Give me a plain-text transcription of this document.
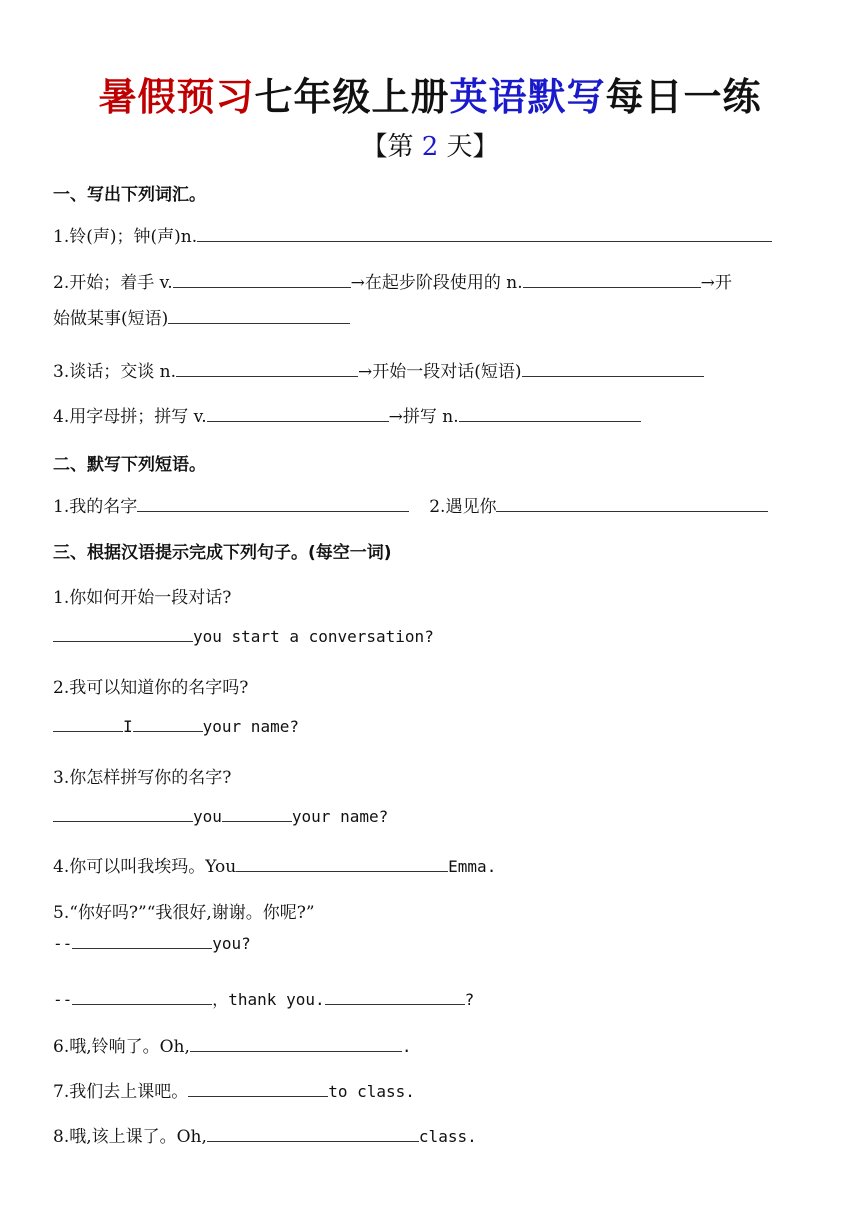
暑假预习七年级上册英语默写每日一练
【第 2 天】
一、写出下列词汇。
1.铃(声)；钟(声)n.
2.开始；着手 v.	→在起步阶段使用的 n.	→开
始做某事(短语)
3.谈话；交谈 n.	→开始一段对话(短语)
4.用字母拼；拼写 v.	→拼写 n.
二、默写下列短语。
1.我的名字	2.遇见你
三、根据汉语提示完成下列句子。(每空一词)
1.你如何开始一段对话?
you start a conversation?
2.我可以知道你的名字吗?
I	your name?
3.你怎样拼写你的名字?
you	your name?
4.你可以叫我埃玛。You	Emma.
5.“你好吗?”“我很好,谢谢。你呢?”
--	you?
--	，thank you.	?
6.哦,铃响了。Oh,	.
7.我们去上课吧。	to class.
8.哦,该上课了。Oh,	class.
